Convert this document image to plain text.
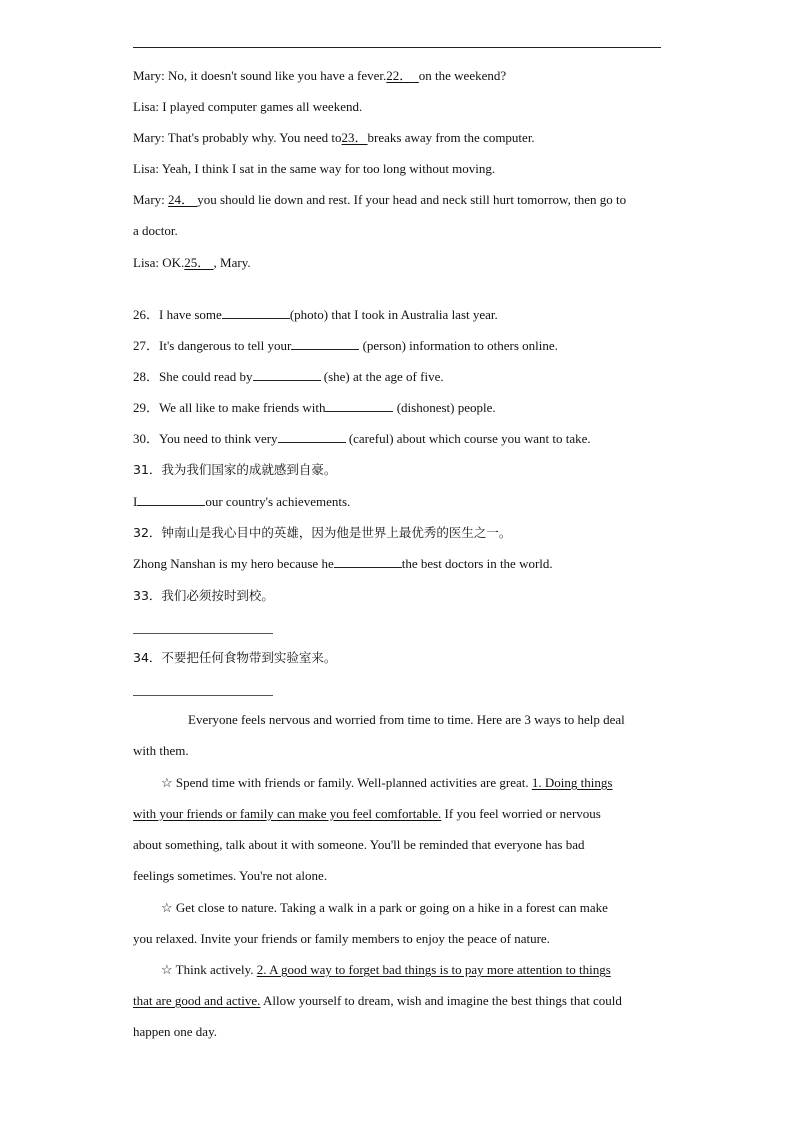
Mary: No, it doesn't sound like you have a fever.22． on the weekend?
Lisa: I played computer games all weekend.
Mary: That's probably why. You need to23．breaks away from the computer.
Lisa: Yeah, I think I sat in the same way for too long without moving.
Mary: 24． you should lie down and rest. If your head and neck still hurt tomorrow, then go to
a doctor.
Lisa: OK.25． , Mary.
26．I have some	(photo) that I took in Australia last year.
27．It's dangerous to tell your	(person) information to others online.
28．She could read by	(she) at the age of five.
29．We all like to make friends with	(dishonest) people.
30．You need to think very	(careful) about which course you want to take.
31．我为我们国家的成就感到自豪。
I	our country's achievements.
32．钟南山是我心目中的英雄，因为他是世界上最优秀的医生之一。
Zhong Nanshan is my hero because he	the best doctors in the world.
33．我们必须按时到校。
34．不要把任何食物带到实验室来。
Everyone feels nervous and worried from time to time. Here are 3 ways to help deal
with them.
☆ Spend time with friends or family. Well-planned activities are great. 1. Doing things
with your friends or family can make you feel comfortable. If you feel worried or nervous
about something, talk about it with someone. You'll be reminded that everyone has bad
feelings sometimes. You're not alone.
☆ Get close to nature. Taking a walk in a park or going on a hike in a forest can make
you relaxed. Invite your friends or family members to enjoy the peace of nature.
☆ Think actively. 2. A good way to forget bad things is to pay more attention to things
that are good and active. Allow yourself to dream, wish and imagine the best things that could
happen one day.
